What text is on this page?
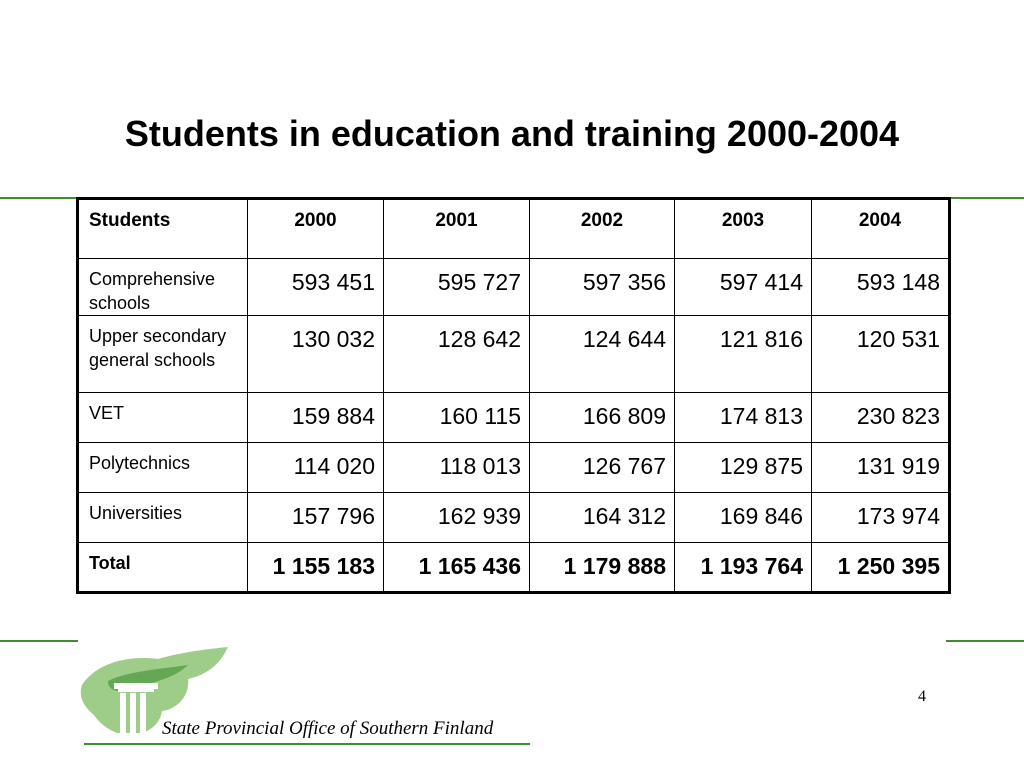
Students in education and training 2000-2004
Students	2000	2001	2002	2003	2004
Comprehensive schools	593 451	595 727	597 356	597 414	593 148
Upper secondary general schools	130 032	128 642	124 644	121 816	120 531
VET	159 884	160 115	166 809	174 813	230 823
Polytechnics	114 020	118 013	126 767	129 875	131 919
Universities	157 796	162 939	164 312	169 846	173 974
Total	1 155 183	1 165 436	1 179 888	1 193 764	1 250 395
State Provincial Office of Southern Finland
4
